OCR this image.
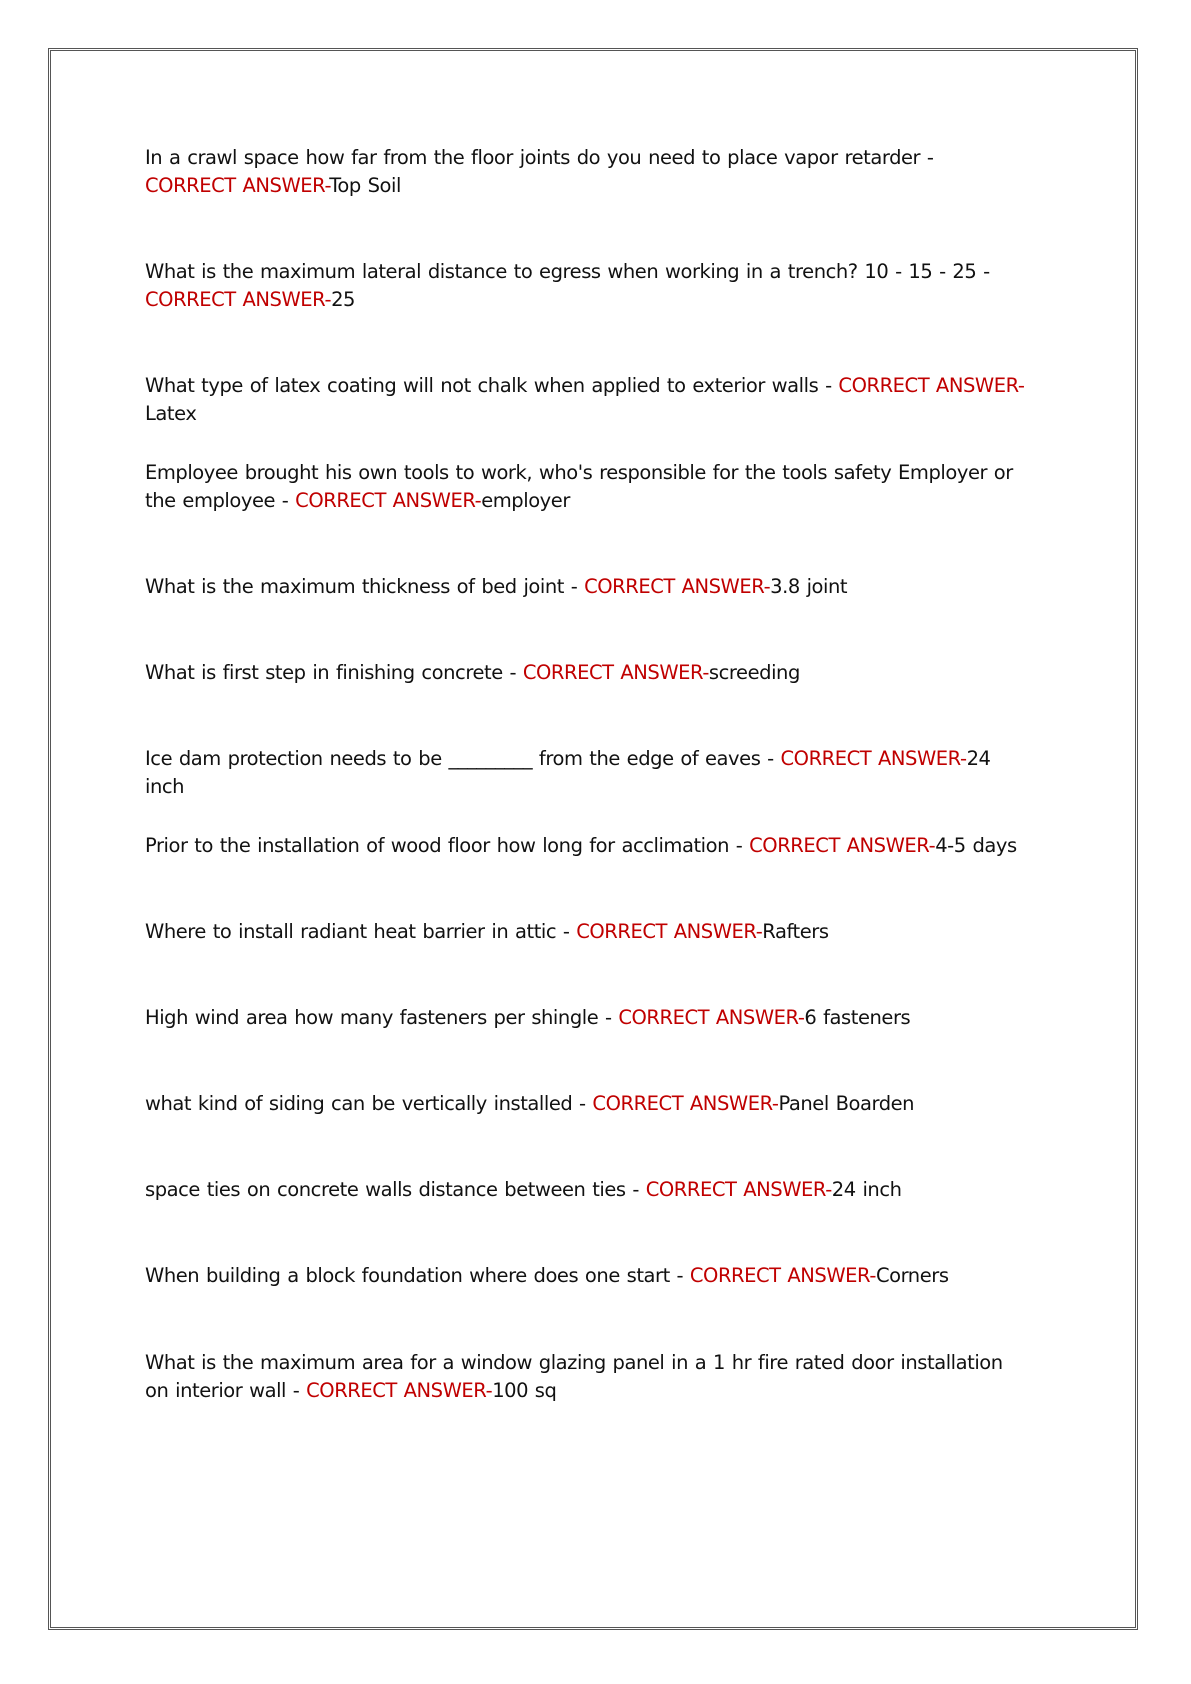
In a crawl space how far from the floor joints do you need to place vapor retarder - CORRECT ANSWER-Top Soil
What is the maximum lateral distance to egress when working in a trench? 10 - 15 - 25 - CORRECT ANSWER-25
What type of latex coating will not chalk when applied to exterior walls - CORRECT ANSWER-Latex
Employee brought his own tools to work, who's responsible for the tools safety Employer or the employee - CORRECT ANSWER-employer
What is the maximum thickness of bed joint - CORRECT ANSWER-3.8 joint
What is first step in finishing concrete - CORRECT ANSWER-screeding
Ice dam protection needs to be _________ from the edge of eaves - CORRECT ANSWER-24 inch
Prior to the installation of wood floor how long for acclimation - CORRECT ANSWER-4-5 days
Where to install radiant heat barrier in attic - CORRECT ANSWER-Rafters
High wind area how many fasteners per shingle - CORRECT ANSWER-6 fasteners
what kind of siding can be vertically installed - CORRECT ANSWER-Panel Boarden
space ties on concrete walls distance between ties - CORRECT ANSWER-24 inch
When building a block foundation where does one start - CORRECT ANSWER-Corners
What is the maximum area for a window glazing panel in a 1 hr fire rated door installation on interior wall - CORRECT ANSWER-100 sq
